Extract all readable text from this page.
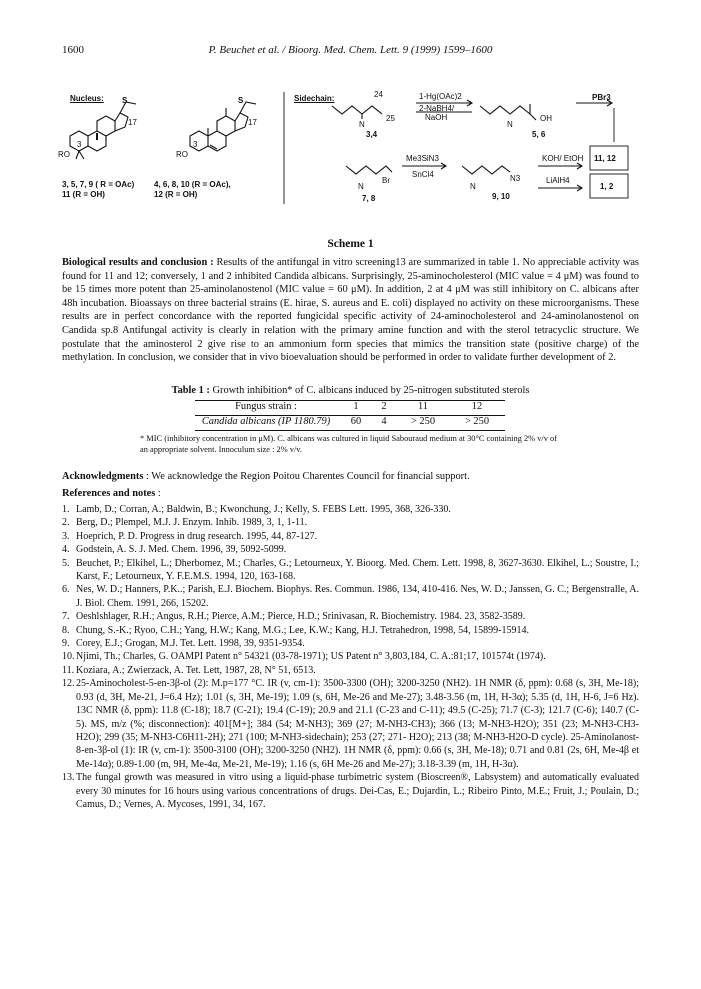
1600	P. Beuchet et al. / Bioorg. Med. Chem. Lett. 9 (1999) 1599–1600
Nucleus: S	S
17	17
3	3
RO	RO
3, 5, 7, 9 ( R = OAc)
11 (R = OH)
4, 6, 8, 10 (R = OAc),
12 (R = OH)
Sidechain:	24
25
N
3,4
1-Hg(OAc)2
2-NaBH4/
NaOH
N
OH
5, 6
PBr3
Br
N
7, 8
Me3SiN3
SnCl4
N
N3
9, 10
KOH/ EtOH
LiAlH4
11, 12
1, 2
Scheme 1
Biological results and conclusion : Results of the antifungal in vitro screening13 are summarized in table 1. No appreciable activity was found for 11 and 12; conversely, 1 and 2 inhibited Candida albicans. Surprisingly, 25-aminocholesterol (MIC value = 4 μM) was found to be 15 times more potent than 25-aminolanostenol (MIC value = 60 μM). In addition, 2 at 4 μM was still inhibitory on C. albicans after 48h incubation. Bioassays on three bacterial strains (E. hirae, S. aureus and E. coli) displayed no activity on these microorganisms. These results are in perfect concordance with the reported fungicidal specific activity of 24-aminocholesterol and 24-aminolanostenol on Candida sp.8 Antifungal activity is clearly in relation with the primary amine function and with the sterol tetracyclic structure. We postulate that the aminosterol 2 give rise to an ammonium form species that mimics the transition state (positive charge) of the methylation. In conclusion, we consider that in vivo bioevaluation should be performed in order to validate further development of 2.
Table 1 : Growth inhibition* of C. albicans induced by 25-nitrogen substituted sterols
Fungus strain :	1	2	11	12
Candida albicans (IP 1180.79)	60	4	> 250	> 250
* MIC (inhibitory concentration in μM). C. albicans was cultured in liquid Sabouraud medium at 30°C containing 2% v/v of an appropriate solvent. Innoculum size : 2% v/v.
Acknowledgments : We acknowledge the Region Poitou Charentes Council for financial support.
References and notes :
1. Lamb, D.; Corran, A.; Baldwin, B.; Kwonchung, J.; Kelly, S. FEBS Lett. 1995, 368, 326-330.
2. Berg, D.; Plempel, M.J. J. Enzym. Inhib. 1989, 3, 1, 1-11.
3. Hoeprich, P. D. Progress in drug research. 1995, 44, 87-127.
4. Godstein, A. S. J. Med. Chem. 1996, 39, 5092-5099.
5. Beuchet, P.; Elkihel, L.; Dherbomez, M.; Charles, G.; Letourneux, Y. Bioorg. Med. Chem. Lett. 1998, 8, 3627-3630. Elkihel, L.; Soustre, I.; Karst, F.; Letourneux, Y. F.E.M.S. 1994, 120, 163-168.
6. Nes, W. D.; Hanners, P.K..; Parish, E.J. Biochem. Biophys. Res. Commun. 1986, 134, 410-416. Nes, W. D.; Janssen, G. C.; Bergenstralle, A. J. Biol. Chem. 1991, 266, 15202.
7. Oeshlshlager, R.H.; Angus, R.H.; Pierce, A.M.; Pierce, H.D.; Srinivasan, R. Biochemistry. 1984. 23, 3582-3589.
8. Chung, S.-K.; Ryoo, C.H.; Yang, H.W.; Kang, M.G.; Lee, K.W.; Kang, H.J. Tetrahedron, 1998, 54, 15899-15914.
9. Corey, E.J.; Grogan, M.J. Tet. Lett. 1998, 39, 9351-9354.
10. Njimi, Th.; Charles, G. OAMPI Patent n° 54321 (03-78-1971); US Patent n° 3,803,184, C. A.:81;17, 101574t (1974).
11. Koziara, A.; Zwierzack, A. Tet. Lett, 1987, 28, N° 51, 6513.
12. 25-Aminocholest-5-en-3β-ol (2): M.p=177 °C. IR (v, cm-1): 3500-3300 (OH); 3200-3250 (NH2). 1H NMR (δ, ppm): 0.68 (s, 3H, Me-18); 0.93 (d, 3H, Me-21, J=6.4 Hz); 1.01 (s, 3H, Me-19); 1.09 (s, 6H, Me-26 and Me-27); 3.48-3.56 (m, 1H, H-3α); 5.35 (d, 1H, H-6, J=6 Hz). 13C NMR (δ, ppm): 11.8 (C-18); 18.7 (C-21); 19.4 (C-19); 20.9 and 21.1 (C-23 and C-11); 49.5 (C-25); 71.7 (C-3); 121.7 (C-6); 140.7 (C-5). MS, m/z (%; disconnection): 401[M+]; 384 (54; M-NH3); 369 (27; M-NH3-CH3); 366 (13; M-NH3-H2O); 351 (23; M-NH3-CH3-H2O); 299 (35; M-NH3-C6H11-2H); 271 (100; M-NH3-sidechain); 253 (27; 271- H2O); 213 (38; M-NH3-H2O-D cycle). 25-Aminolanost-8-en-3β-ol (1): IR (v, cm-1): 3500-3100 (OH); 3200-3250 (NH2). 1H NMR (δ, ppm): 0.66 (s, 3H, Me-18); 0.71 and 0.81 (2s, 6H, Me-4β et Me-14α); 0.89-1.00 (m, 9H, Me-4α, Me-21, Me-19); 1.16 (s, 6H Me-26 and Me-27); 3.18-3.39 (m, 1H, H-3α).
13. The fungal growth was measured in vitro using a liquid-phase turbimetric system (Bioscreen®, Labsystem) and automatically evaluated every 30 minutes for 16 hours using various concentrations of drugs. Dei-Cas, E.; Dujardin, L.; Ribeiro Pinto, M.E.; Fruit, J.; Poulain, D.; Camus, D.; Vernes, A. Mycoses, 1991, 34, 167.
